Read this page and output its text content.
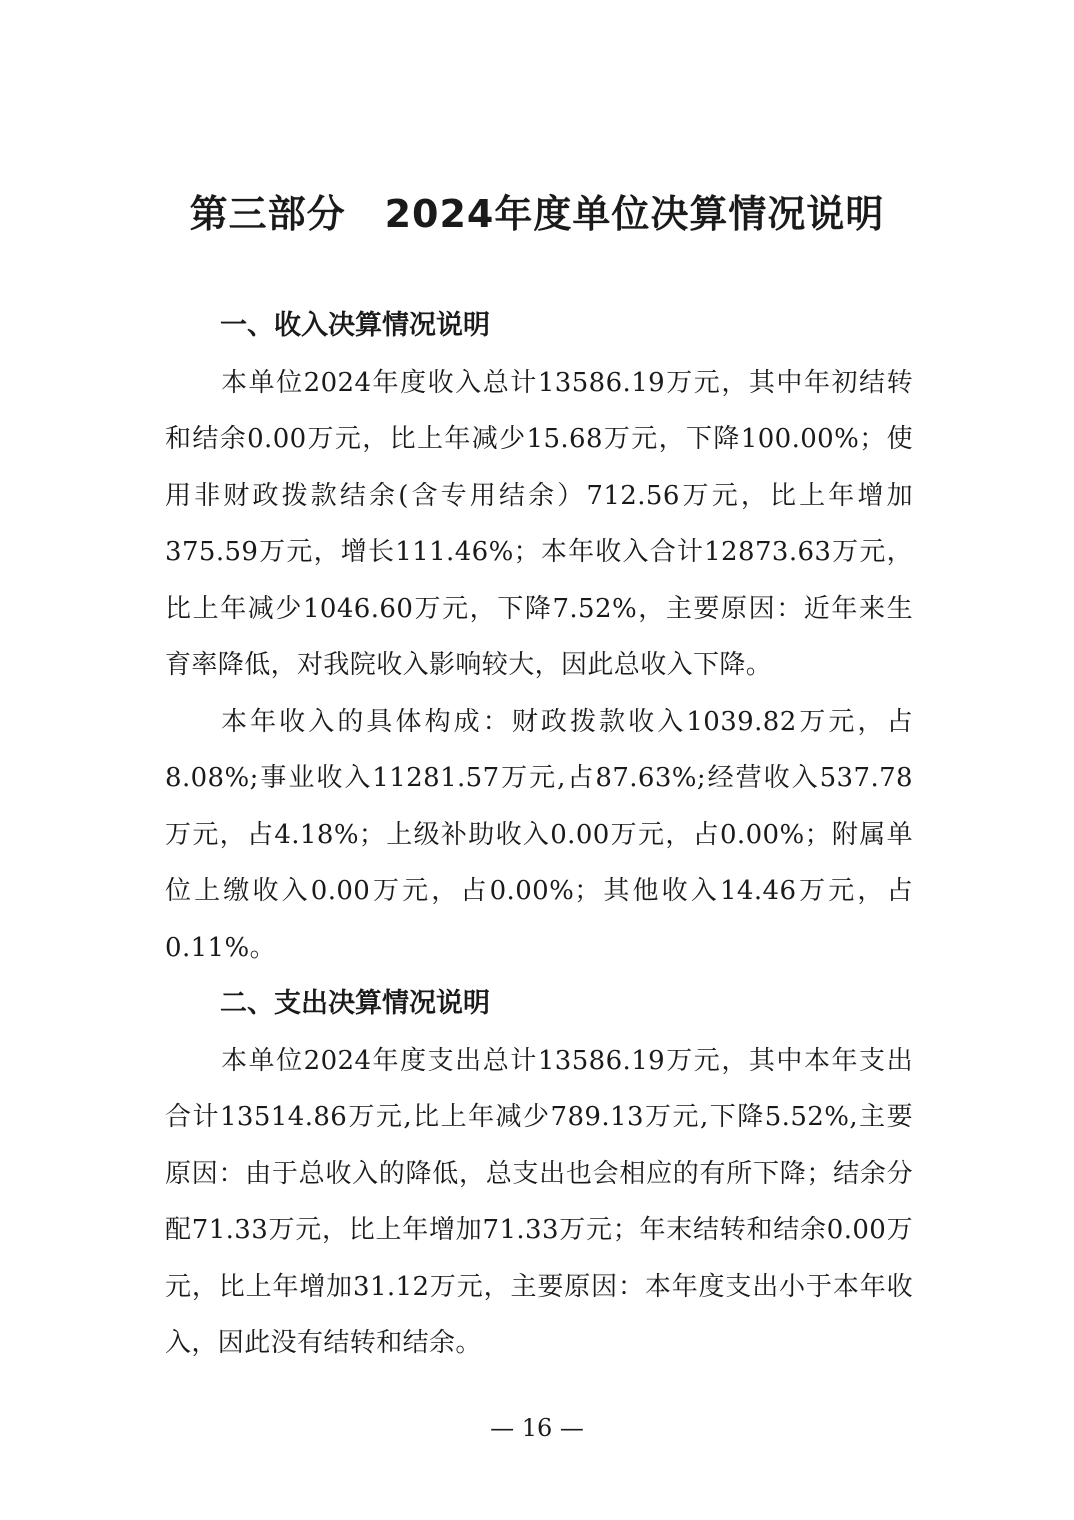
第三部分　2024年度单位决算情况说明
一、收入决算情况说明

本单位2024年度收入总计13586.19万元，其中年初结转和结余0.00万元，比上年减少15.68万元，下降100.00%；使用非财政拨款结余(含专用结余）712.56万元，比上年增加375.59万元，增长111.46%；本年收入合计12873.63万元，比上年减少1046.60万元，下降7.52%，主要原因：近年来生育率降低，对我院收入影响较大，因此总收入下降。

本年收入的具体构成：财政拨款收入1039.82万元，占8.08%;事业收入11281.57万元,占87.63%;经营收入537.78万元，占4.18%；上级补助收入0.00万元，占0.00%；附属单位上缴收入0.00万元，占0.00%；其他收入14.46万元，占0.11%。

二、支出决算情况说明

本单位2024年度支出总计13586.19万元，其中本年支出合计13514.86万元,比上年减少789.13万元,下降5.52%,主要原因：由于总收入的降低，总支出也会相应的有所下降；结余分配71.33万元，比上年增加71.33万元；年末结转和结余0.00万元，比上年增加31.12万元，主要原因：本年度支出小于本年收入，因此没有结转和结余。

— 16 —
